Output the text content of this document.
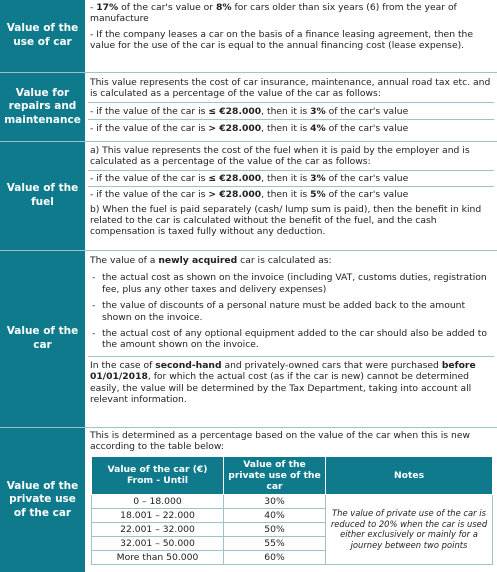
Value of the use of car
- 17% of the car's value or 8% for cars older than six years (6) from the year of manufacture
- If the company leases a car on the basis of a finance leasing agreement, then the value for the use of the car is equal to the annual financing cost (lease expense).
Value for repairs and maintenance
This value represents the cost of car insurance, maintenance, annual road tax etc. and is calculated as a percentage of the value of the car as follows:
- if the value of the car is ≤ €28.000, then it is 3% of the car's value
- if the value of the car is > €28.000, then it is 4% of the car's value
Value of the fuel
a) This value represents the cost of the fuel when it is paid by the employer and is calculated as a percentage of the value of the car as follows:
- if the value of the car is ≤ €28.000, then it is 3% of the car's value
- if the value of the car is > €28.000, then it is 5% of the car's value
b) When the fuel is paid separately (cash/ lump sum is paid), then the benefit in kind related to the car is calculated without the benefit of the fuel, and the cash compensation is taxed fully without any deduction.
Value of the car
The value of a newly acquired car is calculated as:
- the actual cost as shown on the invoice (including VAT, customs duties, registration fee, plus any other taxes and delivery expenses)
- the value of discounts of a personal nature must be added back to the amount shown on the invoice.
- the actual cost of any optional equipment added to the car should also be added to the amount shown on the invoice.
In the case of second-hand and privately-owned cars that were purchased before 01/01/2018, for which the actual cost (as if the car is new) cannot be determined easily, the value will be determined by the Tax Department, taking into account all relevant information.
Value of the private use of the car
This is determined as a percentage based on the value of the car when this is new according to the table below:
Value of the car (€) From - Until	Value of the private use of the car	Notes
0 – 18.000	30%	The value of private use of the car is reduced to 20% when the car is used either exclusively or mainly for a journey between two points
18.001 – 22.000	40%	
22.001 – 32.000	50%	
32.001 – 50.000	55%	
More than 50.000	60%	
